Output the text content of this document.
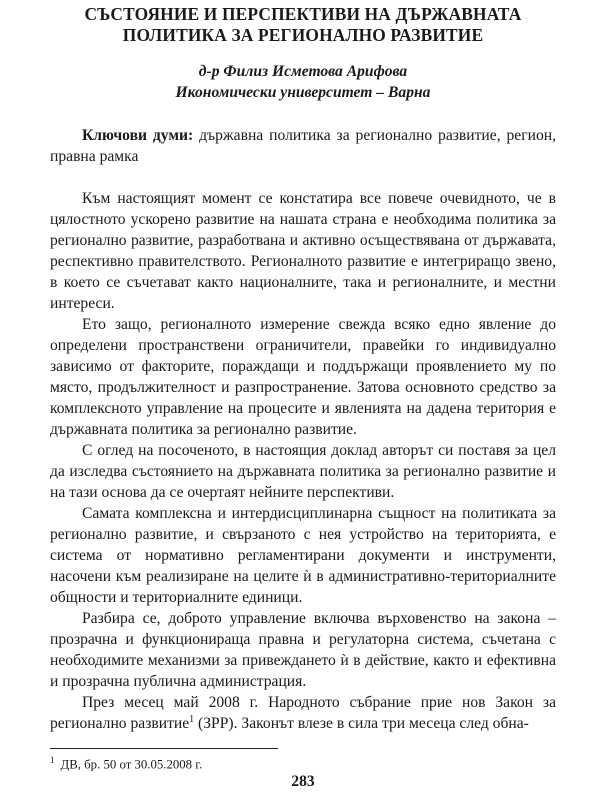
СЪСТОЯНИЕ И ПЕРСПЕКТИВИ НА ДЪРЖАВНАТА
ПОЛИТИКА ЗА РЕГИОНАЛНО РАЗВИТИЕ
д-р Филиз Исметова Арифова
Икономически университет – Варна
Ключови думи: държавна политика за регионално развитие, регион, правна рамка

Към настоящият момент се констатира все повече очевидното, че в цялостното ускорено развитие на нашата страна е необходима политика за регионално развитие, разработвана и активно осъществявана от държавата, респективно правителството. Регионалното развитие е интегриращо звено, в което се съчетават както националните, така и регионалните, и местни интереси.

Ето защо, регионалното измерение свежда всяко едно явление до определени пространствени ограничители, правейки го индивидуално зависимо от факторите, пораждащи и поддържащи проявлението му по място, продължителност и разпространение. Затова основното средство за комплексното управление на процесите и явленията на дадена територия е държавната политика за регионално развитие.

С оглед на посоченото, в настоящия доклад авторът си поставя за цел да изследва състоянието на държавната политика за регионално развитие и на тази основа да се очертаят нейните перспективи.

Самата комплексна и интердисциплинарна същност на политиката за регионално развитие, и свързаното с нея устройство на територията, е система от нормативно регламентирани документи и инструменти, насочени към реализиране на целите ѝ в административно-териториалните общности и териториалните единици.

Разбира се, доброто управление включва върховенство на закона – прозрачна и функционираща правна и регулаторна система, съчетана с необходимите механизми за привеждането ѝ в действие, както и ефективна и прозрачна публична администрация.

През месец май 2008 г. Народното събрание прие нов Закон за регионално развитие$^1$ (ЗРР). Законът влезе в сила три месеца след обна-

$^1$ ДВ, бр. 50 от 30.05.2008 г.
283
